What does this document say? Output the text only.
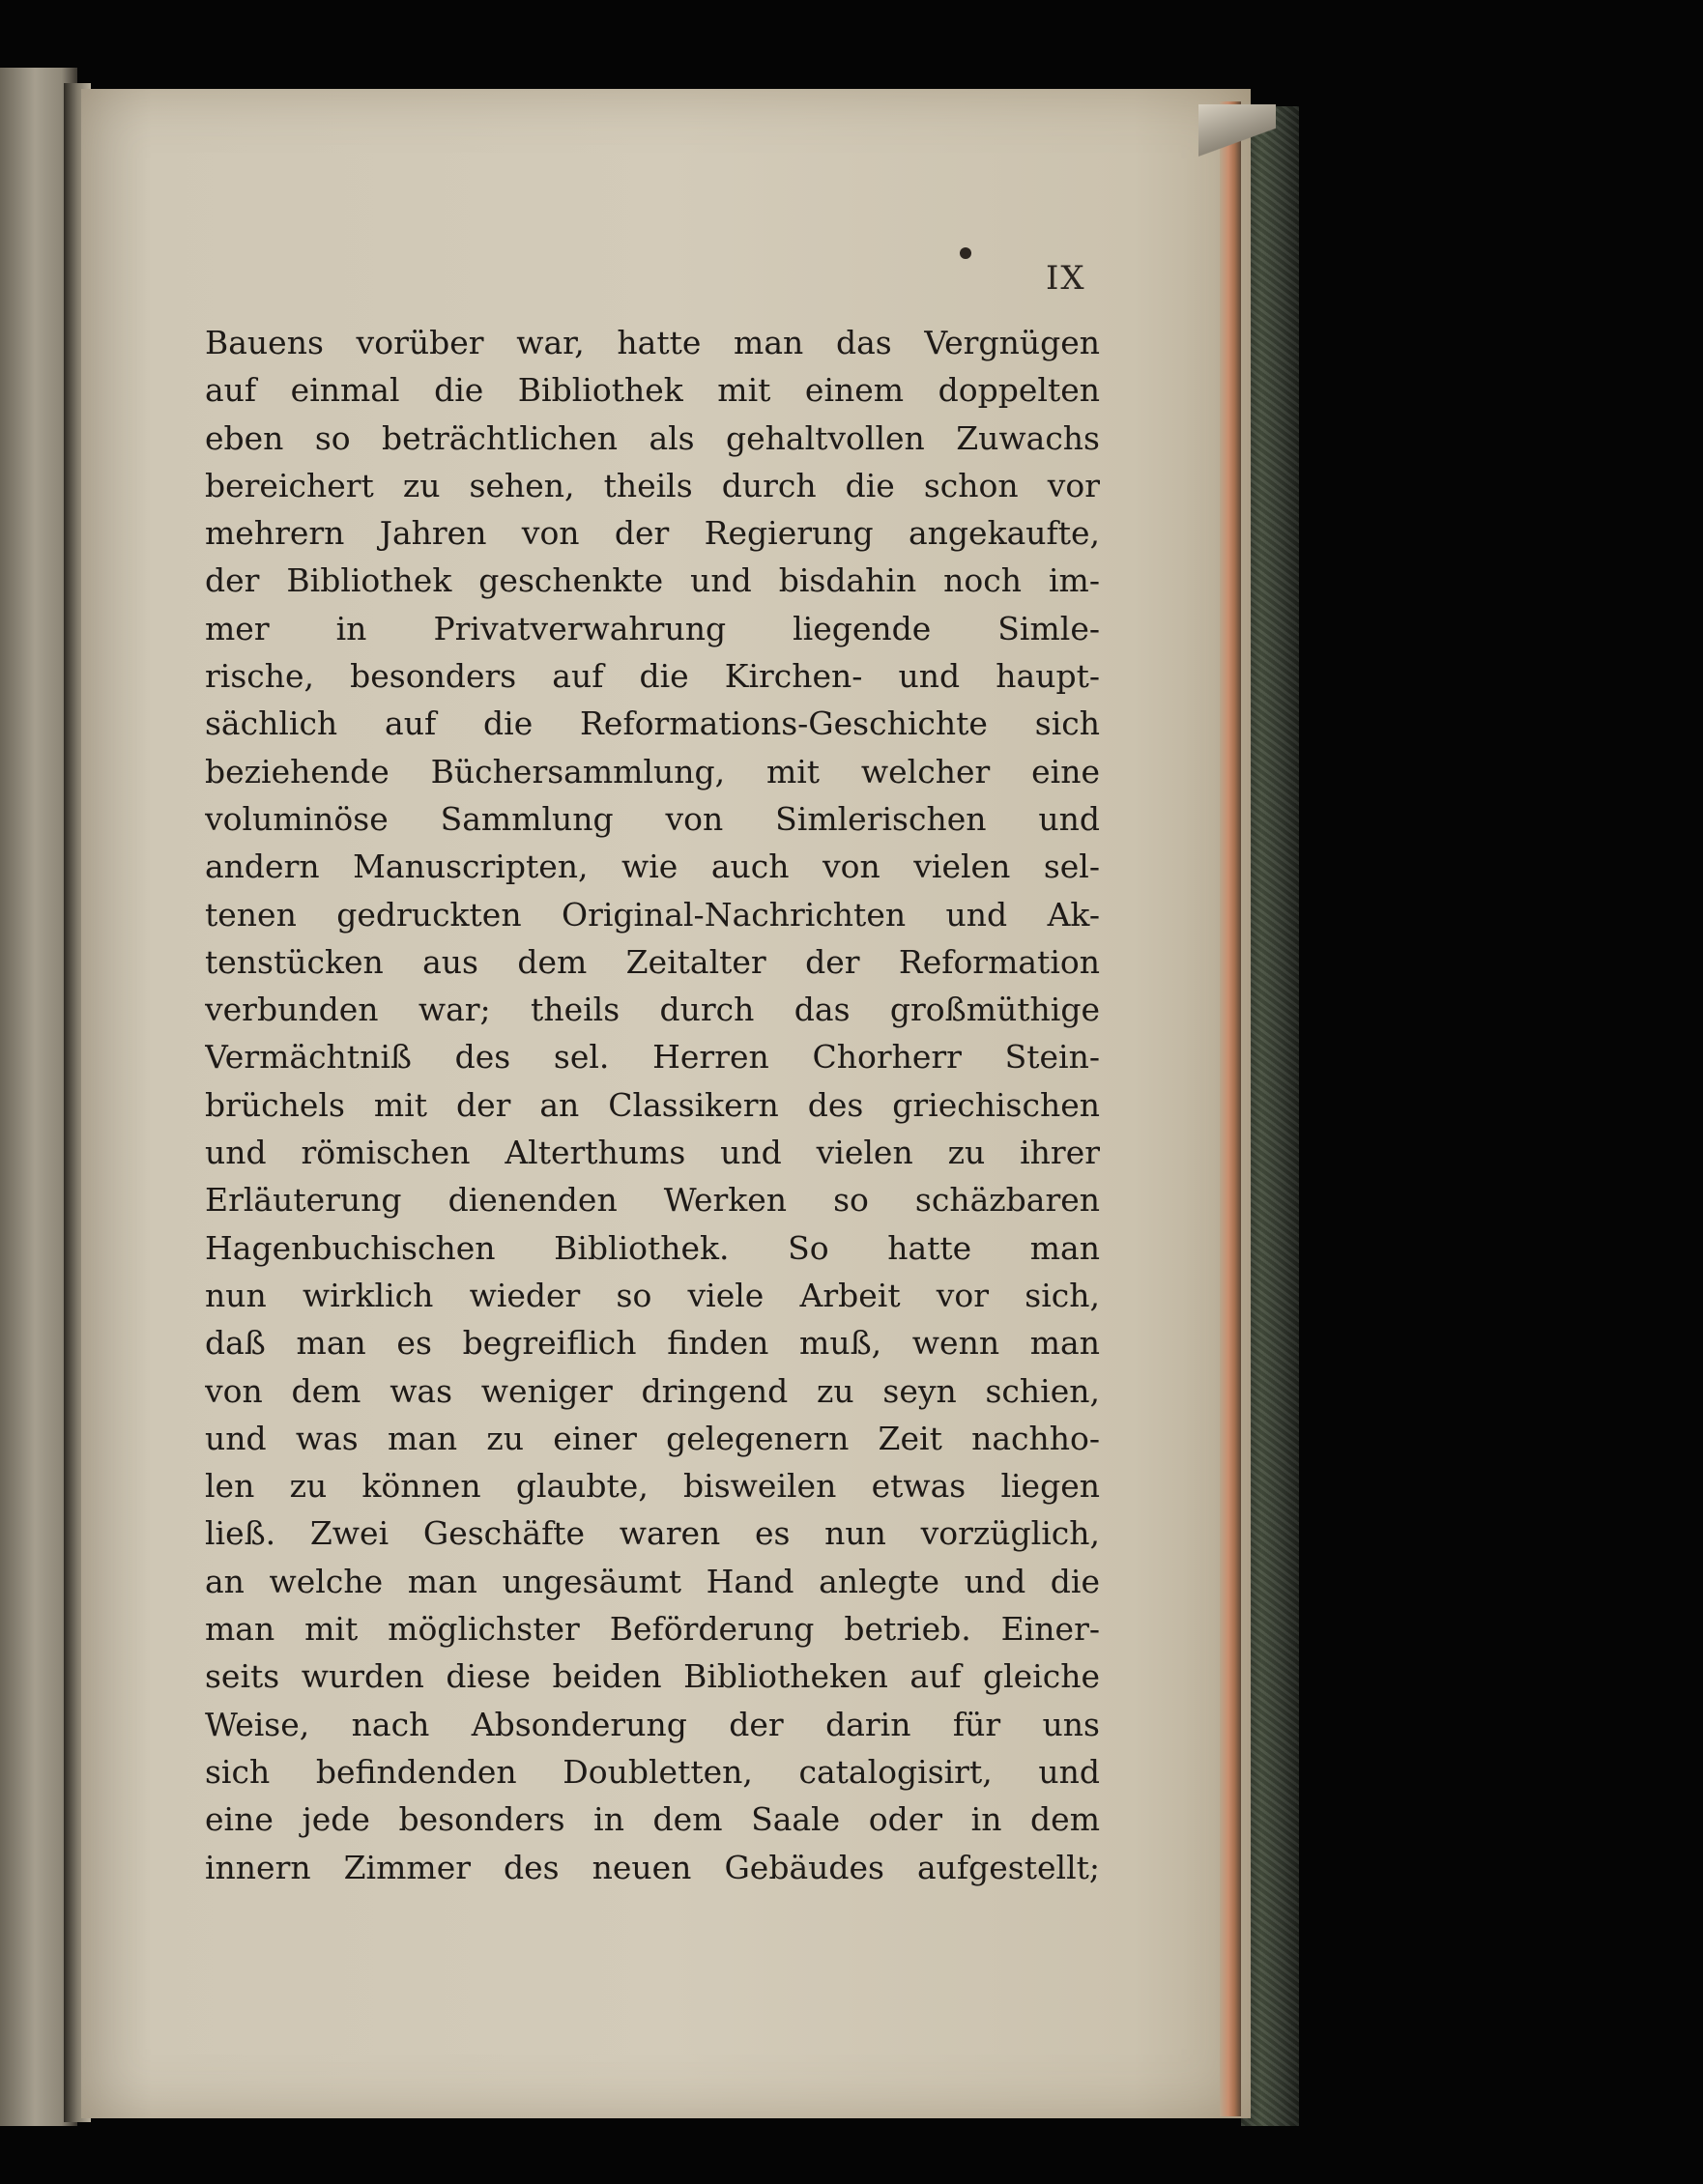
IX
Bauens vorüber war, hatte man das Vergnügen
auf einmal die Bibliothek mit einem doppelten
eben so beträchtlichen als gehaltvollen Zuwachs
bereichert zu sehen, theils durch die schon vor
mehrern Jahren von der Regierung angekaufte,
der Bibliothek geschenkte und bisdahin noch im-
mer in Privatverwahrung liegende Simle-
rische, besonders auf die Kirchen- und haupt-
sächlich auf die Reformations-Geschichte sich
beziehende Büchersammlung, mit welcher eine
voluminöse Sammlung von Simlerischen und
andern Manuscripten, wie auch von vielen sel-
tenen gedruckten Original-Nachrichten und Ak-
tenstücken aus dem Zeitalter der Reformation
verbunden war; theils durch das großmüthige
Vermächtniß des sel. Herren Chorherr Stein-
brüchels mit der an Classikern des griechischen
und römischen Alterthums und vielen zu ihrer
Erläuterung dienenden Werken so schäzbaren
Hagenbuchischen Bibliothek. So hatte man
nun wirklich wieder so viele Arbeit vor sich,
daß man es begreiflich finden muß, wenn man
von dem was weniger dringend zu seyn schien,
und was man zu einer gelegenern Zeit nachho-
len zu können glaubte, bisweilen etwas liegen
ließ. Zwei Geschäfte waren es nun vorzüglich,
an welche man ungesäumt Hand anlegte und die
man mit möglichster Beförderung betrieb. Einer-
seits wurden diese beiden Bibliotheken auf gleiche
Weise, nach Absonderung der darin für uns
sich befindenden Doubletten, catalogisirt, und
eine jede besonders in dem Saale oder in dem
innern Zimmer des neuen Gebäudes aufgestellt;
